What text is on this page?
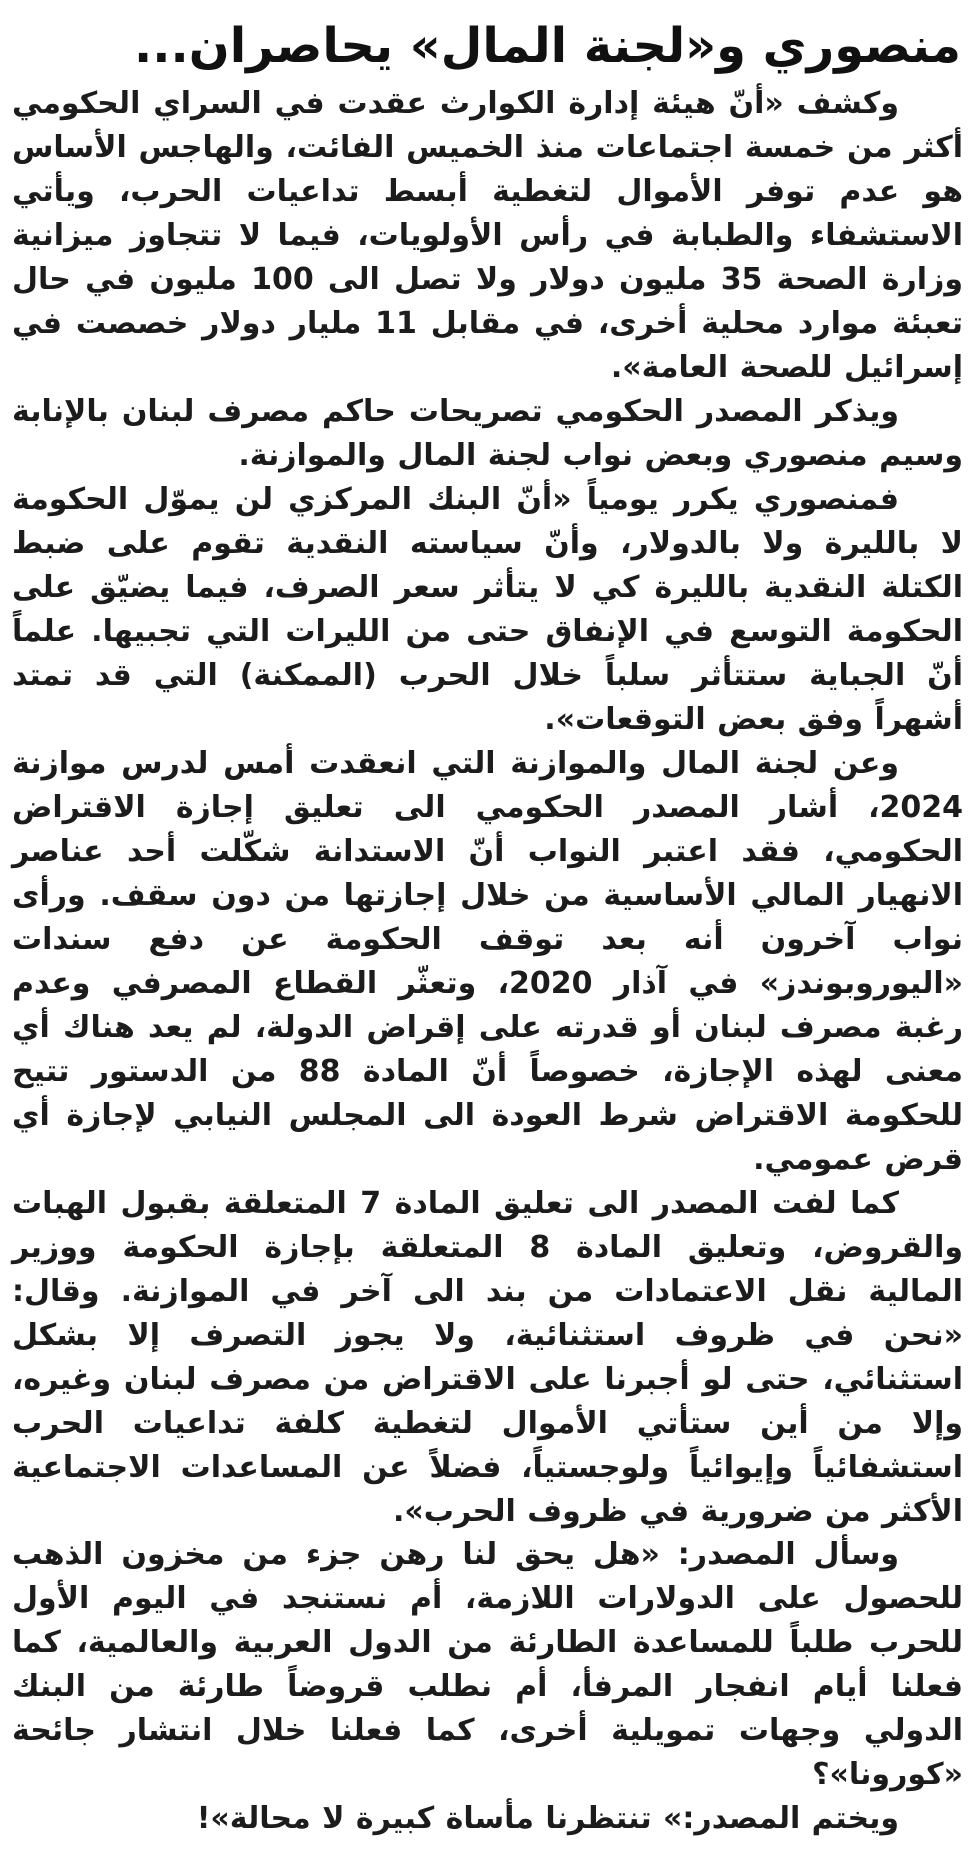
منصوري و«لجنة المال» يحاصران...

وكشف «أنّ هيئة إدارة الكوارث عقدت في السراي الحكومي أكثر من خمسة اجتماعات منذ الخميس الفائت، والهاجس الأساس هو عدم توفر الأموال لتغطية أبسط تداعيات الحرب، ويأتي الاستشفاء والطبابة في رأس الأولويات، فيما لا تتجاوز ميزانية وزارة الصحة 35 مليون دولار ولا تصل الى 100 مليون في حال تعبئة موارد محلية أخرى، في مقابل 11 مليار دولار خصصت في إسرائيل للصحة العامة».

ويذكر المصدر الحكومي تصريحات حاكم مصرف لبنان بالإنابة وسيم منصوري وبعض نواب لجنة المال والموازنة.

فمنصوري يكرر يومياً «أنّ البنك المركزي لن يموّل الحكومة لا بالليرة ولا بالدولار، وأنّ سياسته النقدية تقوم على ضبط الكتلة النقدية بالليرة كي لا يتأثر سعر الصرف، فيما يضيّق على الحكومة التوسع في الإنفاق حتى من الليرات التي تجبيها. علماً أنّ الجباية ستتأثر سلباً خلال الحرب (الممكنة) التي قد تمتد أشهراً وفق بعض التوقعات».

وعن لجنة المال والموازنة التي انعقدت أمس لدرس موازنة 2024، أشار المصدر الحكومي الى تعليق إجازة الاقتراض الحكومي، فقد اعتبر النواب أنّ الاستدانة شكّلت أحد عناصر الانهيار المالي الأساسية من خلال إجازتها من دون سقف. ورأى نواب آخرون أنه بعد توقف الحكومة عن دفع سندات «اليوروبوندز» في آذار 2020، وتعثّر القطاع المصرفي وعدم رغبة مصرف لبنان أو قدرته على إقراض الدولة، لم يعد هناك أي معنى لهذه الإجازة، خصوصاً أنّ المادة 88 من الدستور تتيح للحكومة الاقتراض شرط العودة الى المجلس النيابي لإجازة أي قرض عمومي.

كما لفت المصدر الى تعليق المادة 7 المتعلقة بقبول الهبات والقروض، وتعليق المادة 8 المتعلقة بإجازة الحكومة ووزير المالية نقل الاعتمادات من بند الى آخر في الموازنة. وقال: «نحن في ظروف استثنائية، ولا يجوز التصرف إلا بشكل استثنائي، حتى لو أجبرنا على الاقتراض من مصرف لبنان وغيره، وإلا من أين ستأتي الأموال لتغطية كلفة تداعيات الحرب استشفائياً وإيوائياً ولوجستياً، فضلاً عن المساعدات الاجتماعية الأكثر من ضرورية في ظروف الحرب».

وسأل المصدر: «هل يحق لنا رهن جزء من مخزون الذهب للحصول على الدولارات اللازمة، أم نستنجد في اليوم الأول للحرب طلباً للمساعدة الطارئة من الدول العربية والعالمية، كما فعلنا أيام انفجار المرفأ، أم نطلب قروضاً طارئة من البنك الدولي وجهات تمويلية أخرى، كما فعلنا خلال انتشار جائحة «كورونا»؟

ويختم المصدر:» تنتظرنا مأساة كبيرة لا محالة»!
